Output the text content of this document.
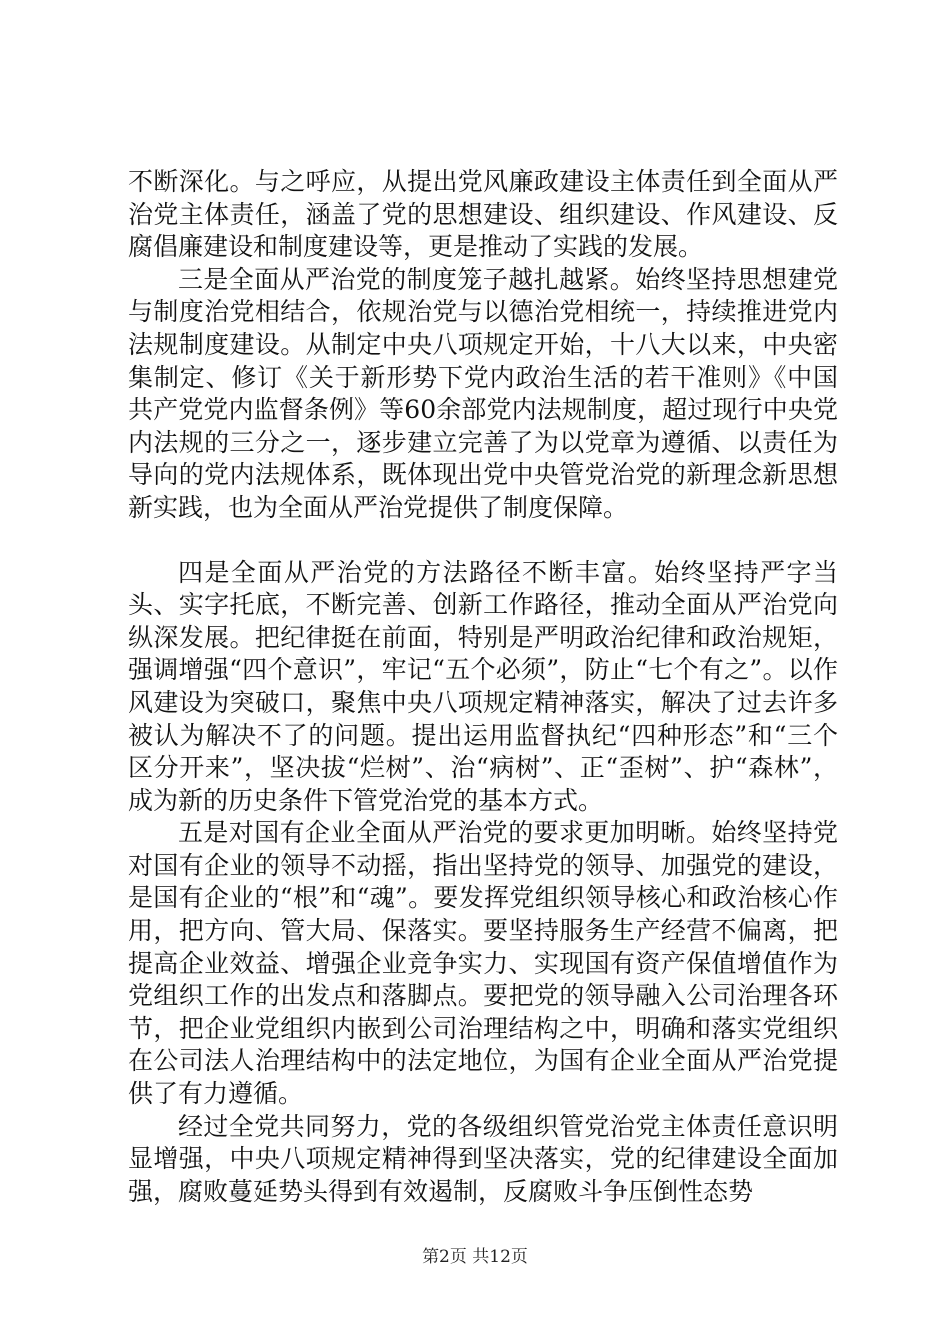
不断深化。与之呼应，从提出党风廉政建设主体责任到全面从严治党主体责任，涵盖了党的思想建设、组织建设、作风建设、反腐倡廉建设和制度建设等，更是推动了实践的发展。

三是全面从严治党的制度笼子越扎越紧。始终坚持思想建党与制度治党相结合，依规治党与以德治党相统一，持续推进党内法规制度建设。从制定中央八项规定开始，十八大以来，中央密集制定、修订《关于新形势下党内政治生活的若干准则》《中国共产党党内监督条例》等60余部党内法规制度，超过现行中央党内法规的三分之一，逐步建立完善了为以党章为遵循、以责任为导向的党内法规体系，既体现出党中央管党治党的新理念新思想新实践，也为全面从严治党提供了制度保障。

四是全面从严治党的方法路径不断丰富。始终坚持严字当头、实字托底，不断完善、创新工作路径，推动全面从严治党向纵深发展。把纪律挺在前面，特别是严明政治纪律和政治规矩，强调增强“四个意识”，牢记“五个必须”，防止“七个有之”。以作风建设为突破口，聚焦中央八项规定精神落实，解决了过去许多被认为解决不了的问题。提出运用监督执纪“四种形态”和“三个区分开来”，坚决拔“烂树”、治“病树”、正“歪树”、护“森林”，成为新的历史条件下管党治党的基本方式。

五是对国有企业全面从严治党的要求更加明晰。始终坚持党对国有企业的领导不动摇，指出坚持党的领导、加强党的建设，是国有企业的“根”和“魂”。要发挥党组织领导核心和政治核心作用，把方向、管大局、保落实。要坚持服务生产经营不偏离，把提高企业效益、增强企业竞争实力、实现国有资产保值增值作为党组织工作的出发点和落脚点。要把党的领导融入公司治理各环节，把企业党组织内嵌到公司治理结构之中，明确和落实党组织在公司法人治理结构中的法定地位，为国有企业全面从严治党提供了有力遵循。

经过全党共同努力，党的各级组织管党治党主体责任意识明显增强，中央八项规定精神得到坚决落实，党的纪律建设全面加强，腐败蔓延势头得到有效遏制，反腐败斗争压倒性态势

第2页 共12页
